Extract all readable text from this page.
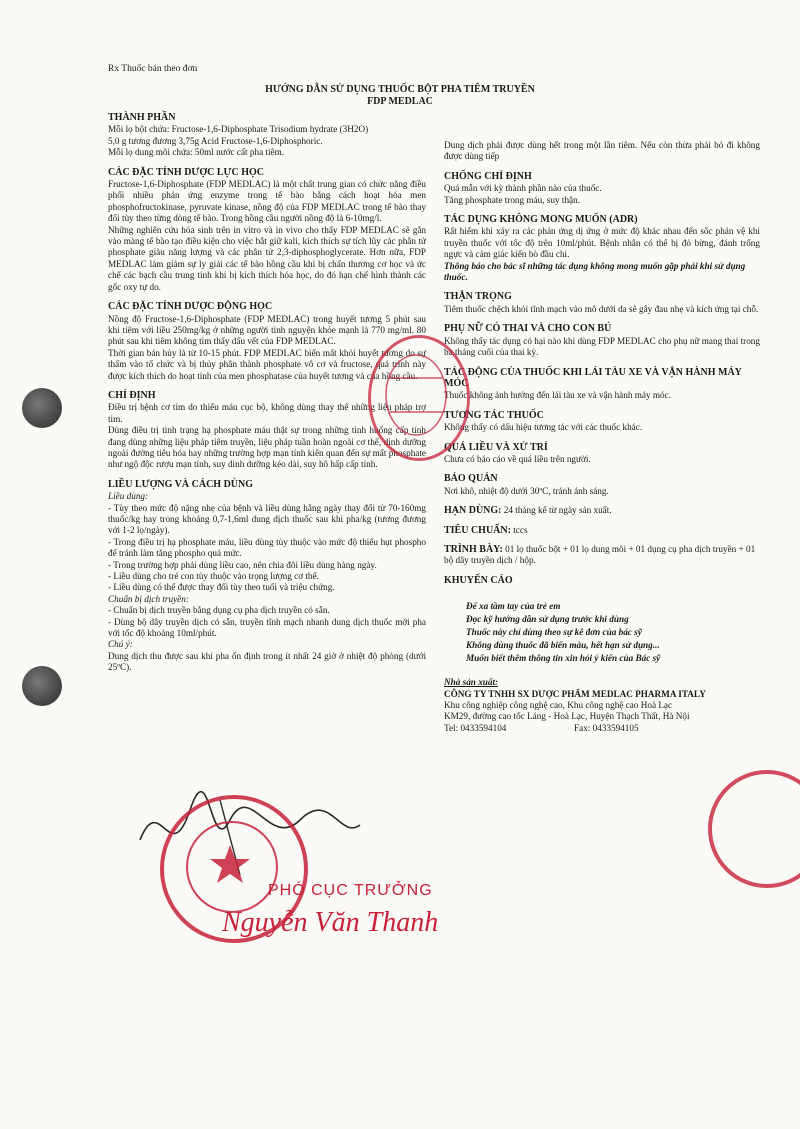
Rx Thuốc bán theo đơn
HƯỚNG DẪN SỬ DỤNG THUỐC BỘT PHA TIÊM TRUYỀN
FDP MEDLAC
THÀNH PHẦN

Mỗi lọ bột chứa: Fructose-1,6-Diphosphate Trisodium hydrate (3H2O)

5,0 g tương đương 3,75g Acid Fructose-1,6-Diphosphoric.

Mỗi lọ dung môi chứa: 50ml nước cất pha tiêm.

CÁC ĐẶC TÍNH DƯỢC LỰC HỌC

Fructose-1,6-Diphosphate (FDP MEDLAC) là một chất trung gian có chức năng điều phối nhiều phản ứng enzyme trong tế bào bằng cách hoạt hóa men phosphofructokinase, pyruvate kinase, nồng độ của FDP MEDLAC trong tế bào thay đổi tùy theo từng dòng tế bào. Trong hồng cầu người nồng độ là 6-10mg/l.

Những nghiên cứu hóa sinh trên in vitro và in vivo cho thấy FDP MEDLAC sẽ gắn vào màng tế bào tạo điều kiện cho việc bắt giữ kali, kích thích sự tích lũy các phân tử phosphate giàu năng lượng và các phân tử 2,3-diphosphoglycerate. Hơn nữa, FDP MEDLAC làm giảm sự ly giải các tế bào hồng cầu khi bị chấn thương cơ học và ức chế các bạch cầu trung tính khi bị kích thích hóa học, do đó hạn chế hình thành các gốc oxy tự do.

CÁC ĐẶC TÍNH DƯỢC ĐỘNG HỌC

Nồng độ Fructose-1,6-Diphosphate (FDP MEDLAC) trong huyết tương 5 phút sau khi tiêm với liều 250mg/kg ở những người tình nguyện khỏe mạnh là 770 mg/ml. 80 phút sau khi tiêm không tìm thấy dấu vết của FDP MEDLAC.

Thời gian bán hủy là từ 10-15 phút. FDP MEDLAC biến mất khỏi huyết tương do sự thấm vào tổ chức và bị thủy phân thành phosphate vô cơ và fructose, quá trình này được kích thích do hoạt tính của men phosphatase của huyết tương và của hồng cầu.

CHỈ ĐỊNH

Điều trị bệnh cơ tim do thiếu máu cục bộ, không dùng thay thế những liệu pháp trợ tim.

Dùng điều trị tình trạng hạ phosphate máu thật sự trong những tình huống cấp tính đang dùng những liệu pháp tiêm truyền, liệu pháp tuần hoàn ngoài cơ thể, dinh dưỡng ngoài đường tiêu hóa hay những trường hợp mạn tính kiên quan đến sự mất phosphate như ngộ độc rượu mạn tính, suy dinh dưỡng kéo dài, suy hô hấp cấp tính.

LIỀU LƯỢNG VÀ CÁCH DÙNG

Liều dùng:

- Tùy theo mức độ nặng nhẹ của bệnh và liều dùng hằng ngày thay đổi từ 70-160mg thuốc/kg hay trong khoảng 0,7-1,6ml dung dịch thuốc sau khi pha/kg (tương đương với 1-2 lọ/ngày).

- Trong điều trị hạ phosphate máu, liều dùng tùy thuộc vào mức độ thiếu hụt phospho để tránh làm tăng phospho quá mức.

- Trong trường hợp phải dùng liều cao, nên chia đôi liều dùng hàng ngày.

- Liều dùng cho trẻ con tùy thuộc vào trọng lượng cơ thể.

- Liều dùng có thể được thay đổi tùy theo tuổi và triệu chứng.

Chuẩn bị dịch truyền:

- Chuẩn bị dịch truyền bằng dụng cụ pha dịch truyền có sẵn.

- Dùng bộ dây truyền dịch có sẵn, truyền tĩnh mạch nhanh dung dịch thuốc mới pha với tốc độ khoảng 10ml/phút.

Chú ý:

Dung dịch thu được sau khi pha ổn định trong ít nhất 24 giờ ở nhiệt độ phòng (dưới 25ºC).

Dung dịch phải được dùng hết trong một lần tiêm. Nếu còn thừa phải bỏ đi không được dùng tiếp

CHỐNG CHỈ ĐỊNH

Quá mẫn với kỳ thành phần nào của thuốc.

Tăng phosphate trong máu, suy thận.

TÁC DỤNG KHÔNG MONG MUỐN (ADR)

Rất hiếm khi xảy ra các phản ứng dị ứng ở mức độ khác nhau đến sốc phản vệ khi truyền thuốc với tốc độ trên 10ml/phút. Bệnh nhân có thể bị đỏ bừng, đánh trống ngực và cảm giác kiến bò đầu chi.

Thông báo cho bác sĩ những tác dụng không mong muốn gặp phải khi sử dụng thuốc.

THẬN TRỌNG

Tiêm thuốc chệch khỏi tĩnh mạch vào mô dưới da sẽ gây đau nhẹ và kích ứng tại chỗ.

PHỤ NỮ CÓ THAI VÀ CHO CON BÚ

Không thấy tác dụng có hại nào khi dùng FDP MEDLAC cho phụ nữ mang thai trong ba tháng cuối của thai kỳ.

TÁC ĐỘNG CỦA THUỐC KHI LÁI TÀU XE VÀ VẬN HÀNH MÁY MÓC

Thuốc không ảnh hưởng đến lái tàu xe và vận hành máy móc.

TƯƠNG TÁC THUỐC

Không thấy có dấu hiệu tương tác với các thuốc khác.

QUÁ LIỀU VÀ XỬ TRÍ

Chưa có báo cáo về quá liều trên người.

BẢO QUẢN

Nơi khô, nhiệt độ dưới 30ºC, tránh ánh sáng.

HẠN DÙNG: 24 tháng kể từ ngày sản xuất.

TIÊU CHUẨN: tccs

TRÌNH BÀY: 01 lọ thuốc bột + 01 lọ dung môi + 01 dụng cụ pha dịch truyền + 01 bộ dây truyền dịch / hộp.

KHUYẾN CÁO
Để xa tầm tay của trẻ em
Đọc kỹ hướng dẫn sử dụng trước khi dùng
Thuốc này chỉ dùng theo sự kê đơn của bác sỹ
Không dùng thuốc đã biến màu, hết hạn sử dụng...
Muốn biết thêm thông tin xin hỏi ý kiến của Bác sỹ
Nhà sản xuất:
CÔNG TY TNHH SX DƯỢC PHẨM MEDLAC PHARMA ITALY
Khu công nghiệp công nghệ cao, Khu công nghệ cao Hoà Lạc
KM29, đường cao tốc Láng - Hoà Lạc, Huyện Thạch Thất, Hà Nội
Tel: 0433594104	Fax: 0433594105
PHÓ CỤC TRƯỞNG
Nguyễn Văn Thanh
